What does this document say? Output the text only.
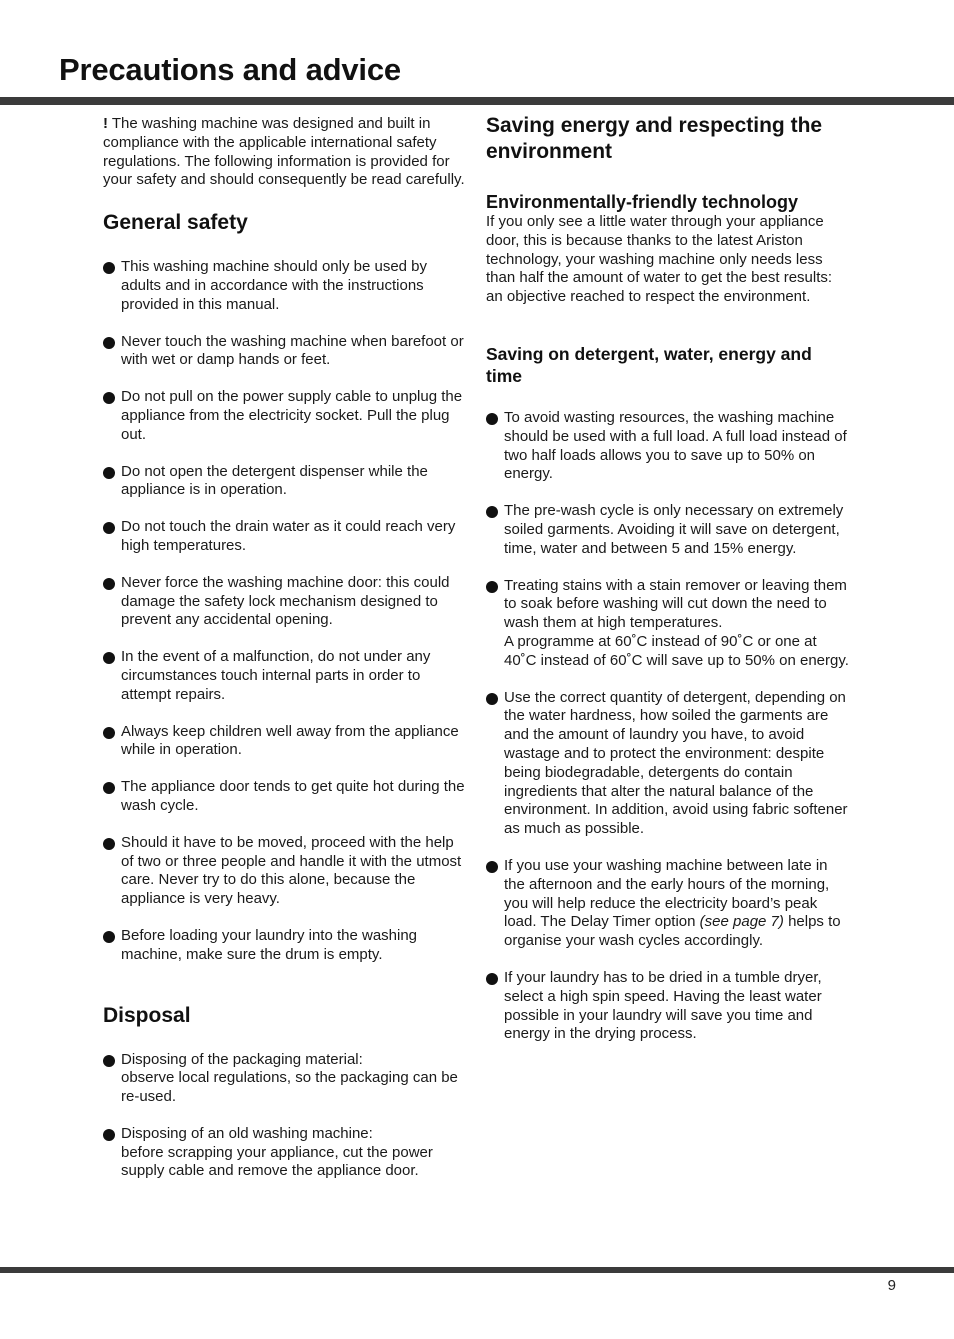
Precautions and advice

! The washing machine was designed and built in compliance with the applicable international safety regulations. The following information is provided for your safety and should consequently be read carefully.

General safety
This washing machine should only be used by adults and in accordance with the instructions provided in this manual.
Never touch the washing machine when barefoot or with wet or damp hands or feet.
Do not pull on the power supply cable to unplug the appliance from the electricity socket. Pull the plug out.
Do not open the detergent dispenser while the appliance is in operation.
Do not touch the drain water as it could reach very high temperatures.
Never force the washing machine door: this could damage the safety lock mechanism designed to prevent any accidental opening.
In the event of a malfunction, do not under any circumstances touch internal parts in order to attempt repairs.
Always keep children well away from the appliance while in operation.
The appliance door tends to get quite hot during the wash cycle.
Should it have to be moved, proceed with the help of two or three people and handle it with the utmost care. Never try to do this alone, because the appliance is very heavy.
Before loading your laundry into the washing machine, make sure the drum is empty.
Disposal
Disposing of the packaging material:
observe local regulations, so the packaging can be re-used.
Disposing of an old washing machine:
before scrapping your appliance, cut the power supply cable and remove the appliance door.
Saving energy and respecting the environment
Environmentally-friendly technology

If you only see a little water through your appliance door, this is because thanks to the latest Ariston technology, your washing machine only needs less than half the amount of water to get the best results: an objective reached to respect the environment.

Saving on detergent, water, energy and time
To avoid wasting resources, the washing machine should be used with a full load. A full load instead of two half loads allows you to save up to 50% on energy.
The pre-wash cycle is only necessary on extremely soiled garments. Avoiding it will save on detergent, time, water and between 5 and 15% energy.
Treating stains with a stain remover or leaving them to soak before washing will cut down the need to wash them at high temperatures.
A programme at 60˚C instead of 90˚C or one at 40˚C instead of 60˚C will save up to 50% on energy.
Use the correct quantity of detergent, depending on the water hardness, how soiled the garments are and the amount of laundry you have, to avoid wastage and to protect the environment: despite being biodegradable, detergents do contain ingredients that alter the natural balance of the environment. In addition, avoid using fabric softener as much as possible.
If you use your washing machine between late in the afternoon and the early hours of the morning, you will help reduce the electricity board’s peak load. The Delay Timer option (see page 7) helps to organise your wash cycles accordingly.
If your laundry has to be dried in a tumble dryer, select a high spin speed. Having the least water possible in your laundry will save you time and energy in the drying process.
9
